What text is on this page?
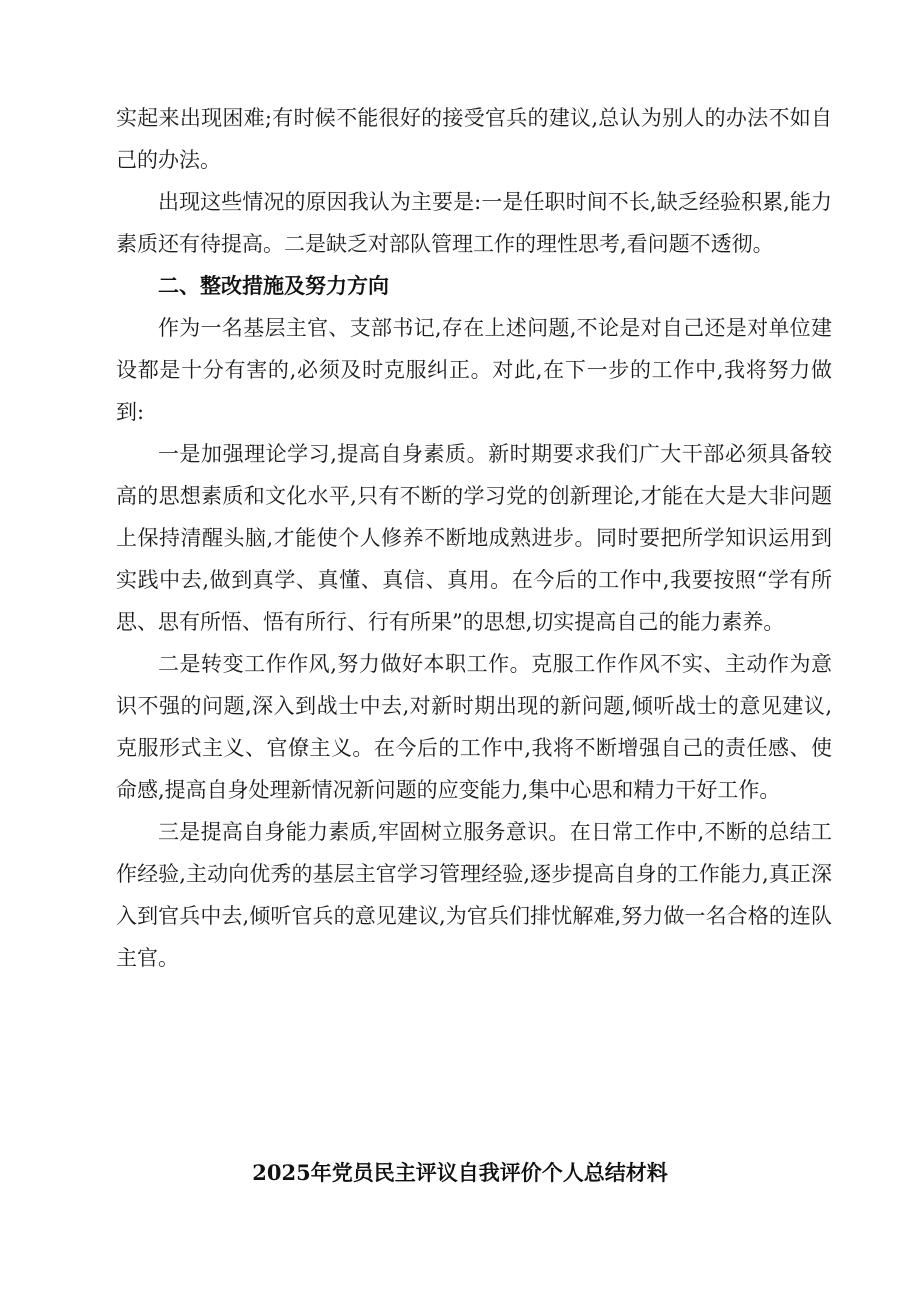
实起来出现困难;有时候不能很好的接受官兵的建议,总认为别人的办法不如自己的办法。

出现这些情况的原因我认为主要是:一是任职时间不长,缺乏经验积累,能力素质还有待提高。二是缺乏对部队管理工作的理性思考,看问题不透彻。

二、整改措施及努力方向

作为一名基层主官、支部书记,存在上述问题,不论是对自己还是对单位建设都是十分有害的,必须及时克服纠正。对此,在下一步的工作中,我将努力做到:

一是加强理论学习,提高自身素质。新时期要求我们广大干部必须具备较高的思想素质和文化水平,只有不断的学习党的创新理论,才能在大是大非问题上保持清醒头脑,才能使个人修养不断地成熟进步。同时要把所学知识运用到实践中去,做到真学、真懂、真信、真用。在今后的工作中,我要按照“学有所思、思有所悟、悟有所行、行有所果”的思想,切实提高自己的能力素养。

二是转变工作作风,努力做好本职工作。克服工作作风不实、主动作为意识不强的问题,深入到战士中去,对新时期出现的新问题,倾听战士的意见建议,克服形式主义、官僚主义。在今后的工作中,我将不断增强自己的责任感、使命感,提高自身处理新情况新问题的应变能力,集中心思和精力干好工作。

三是提高自身能力素质,牢固树立服务意识。在日常工作中,不断的总结工作经验,主动向优秀的基层主官学习管理经验,逐步提高自身的工作能力,真正深入到官兵中去,倾听官兵的意见建议,为官兵们排忧解难,努力做一名合格的连队主官。

2025年党员民主评议自我评价个人总结材料
